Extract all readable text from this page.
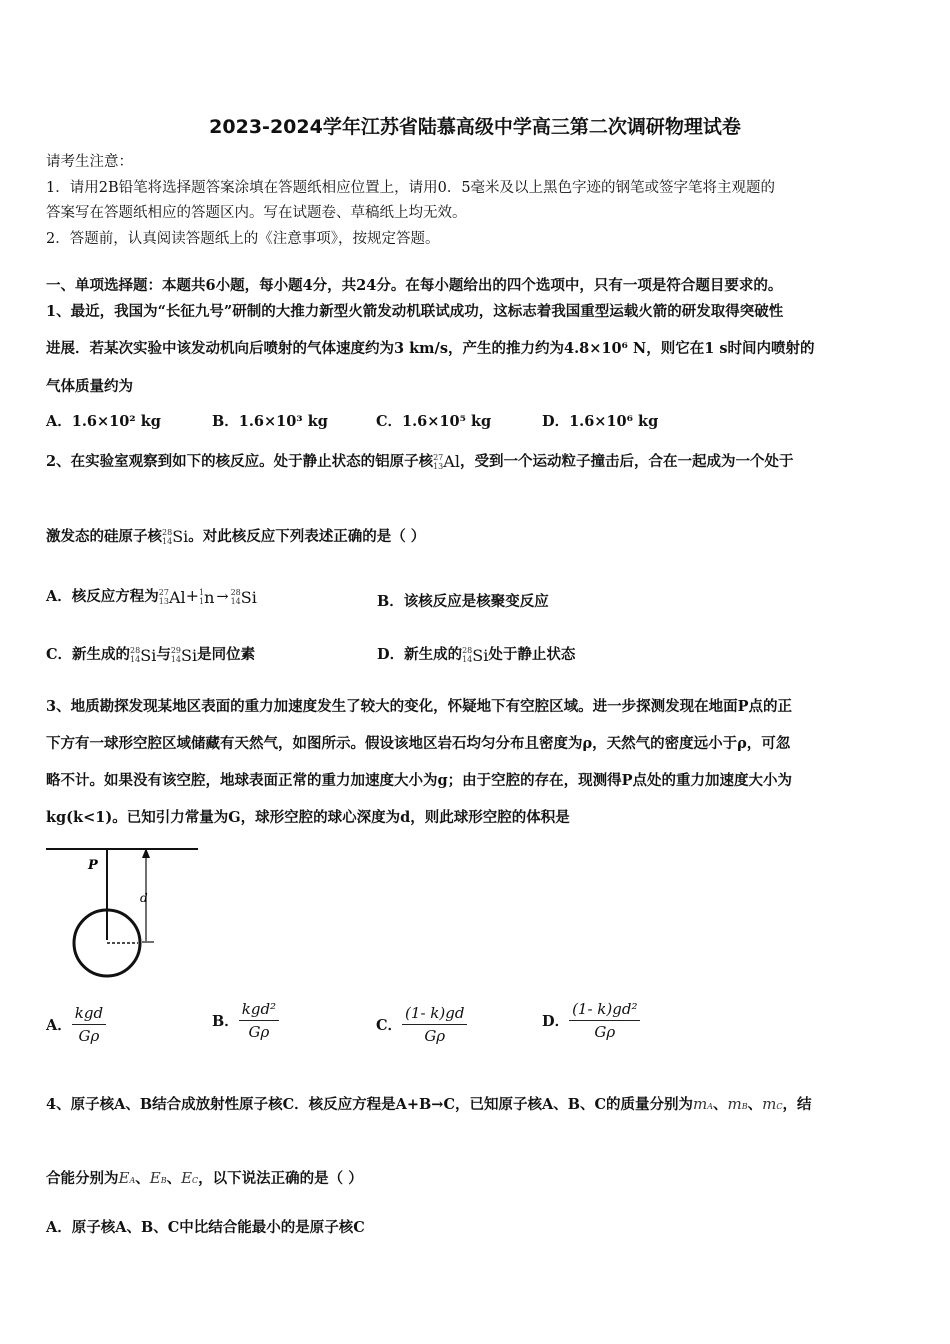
2023-2024学年江苏省陆慕高级中学高三第二次调研物理试卷
请考生注意：
1．请用2B铅笔将选择题答案涂填在答题纸相应位置上，请用0．5毫米及以上黑色字迹的钢笔或签字笔将主观题的
答案写在答题纸相应的答题区内。写在试题卷、草稿纸上均无效。
2．答题前，认真阅读答题纸上的《注意事项》，按规定答题。
一、单项选择题：本题共6小题，每小题4分，共24分。在每小题给出的四个选项中，只有一项是符合题目要求的。
1、最近，我国为“长征九号”研制的大推力新型火箭发动机联试成功，这标志着我国重型运载火箭的研发取得突破性
进展．若某次实验中该发动机向后喷射的气体速度约为3 km/s，产生的推力约为4.8×10⁶ N，则它在1 s时间内喷射的
气体质量约为
A．1.6×10² kg	B．1.6×10³ kg	C．1.6×10⁵ kg	D．1.6×10⁶ kg
2、在实验室观察到如下的核反应。处于静止状态的铝原子核 27
13 Al，受到一个运动粒子撞击后，合在一起成为一个处于
激发态的硅原子核 28
14 Si。对此核反应下列表述正确的是（ ）
A．核反应方程为 27
13 Al+ 1
1 n → 28
14 Si	B．该核反应是核聚变反应
C．新生成的 28
14 Si与 29
14 Si是同位素	D．新生成的 28
14 Si处于静止状态
3、地质勘探发现某地区表面的重力加速度发生了较大的变化，怀疑地下有空腔区域。进一步探测发现在地面P点的正
下方有一球形空腔区域储藏有天然气，如图所示。假设该地区岩石均匀分布且密度为ρ，天然气的密度远小于ρ，可忽
略不计。如果没有该空腔，地球表面正常的重力加速度大小为g；由于空腔的存在，现测得P点处的重力加速度大小为
kg(k<1)。已知引力常量为G，球形空腔的球心深度为d，则此球形空腔的体积是
P
d
A． $\frac{\text{kgd}}{G\rho}$	B． $\frac{\text{kgd²}}{G\rho}$	C． $\frac{(1- k)gd}{G\rho}$	D． $\frac{\text{(1- k)gd²}}{G\rho}$
4、原子核A、B结合成放射性原子核C．核反应方程是A+B→C，已知原子核A、B、C的质量分别为mA、mB、mC，结
合能分别为EA、EB、EC，以下说法正确的是（ ）
A．原子核A、B、C中比结合能最小的是原子核C
